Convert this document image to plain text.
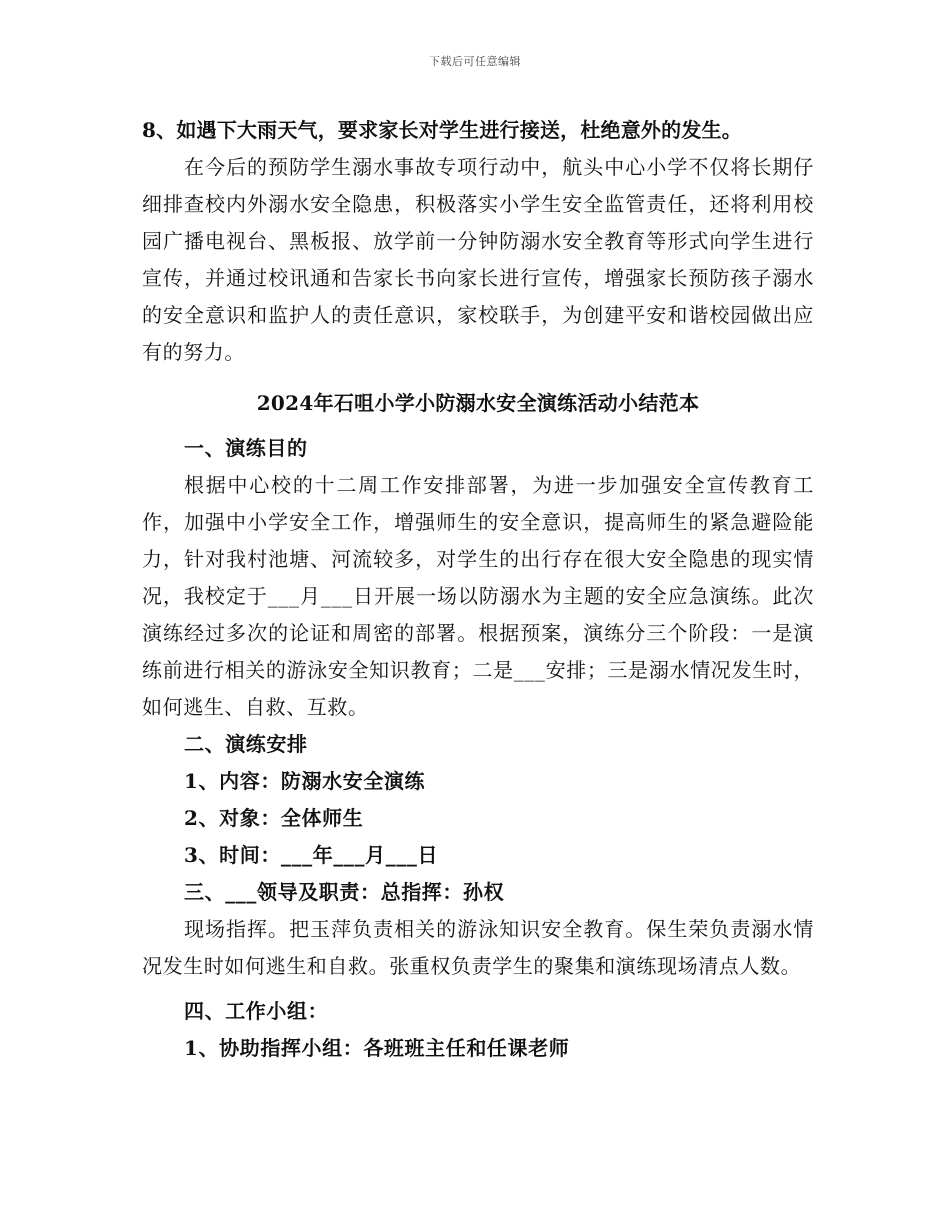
下载后可任意编辑

8、如遇下大雨天气，要求家长对学生进行接送，杜绝意外的发生。

在今后的预防学生溺水事故专项行动中，航头中心小学不仅将长期仔细排查校内外溺水安全隐患，积极落实小学生安全监管责任，还将利用校园广播电视台、黑板报、放学前一分钟防溺水安全教育等形式向学生进行宣传，并通过校讯通和告家长书向家长进行宣传，增强家长预防孩子溺水的安全意识和监护人的责任意识，家校联手，为创建平安和谐校园做出应有的努力。

2024年石咀小学小防溺水安全演练活动小结范本

一、演练目的

根据中心校的十二周工作安排部署，为进一步加强安全宣传教育工作，加强中小学安全工作，增强师生的安全意识，提高师生的紧急避险能力，针对我村池塘、河流较多，对学生的出行存在很大安全隐患的现实情况，我校定于___月___日开展一场以防溺水为主题的安全应急演练。此次演练经过多次的论证和周密的部署。根据预案，演练分三个阶段：一是演练前进行相关的游泳安全知识教育；二是___安排；三是溺水情况发生时，如何逃生、自救、互救。

二、演练安排

1、内容：防溺水安全演练

2、对象：全体师生

3、时间：___年___月___日

三、___领导及职责：总指挥：孙权

现场指挥。把玉萍负责相关的游泳知识安全教育。保生荣负责溺水情况发生时如何逃生和自救。张重权负责学生的聚集和演练现场清点人数。

四、工作小组：

1、协助指挥小组：各班班主任和任课老师
